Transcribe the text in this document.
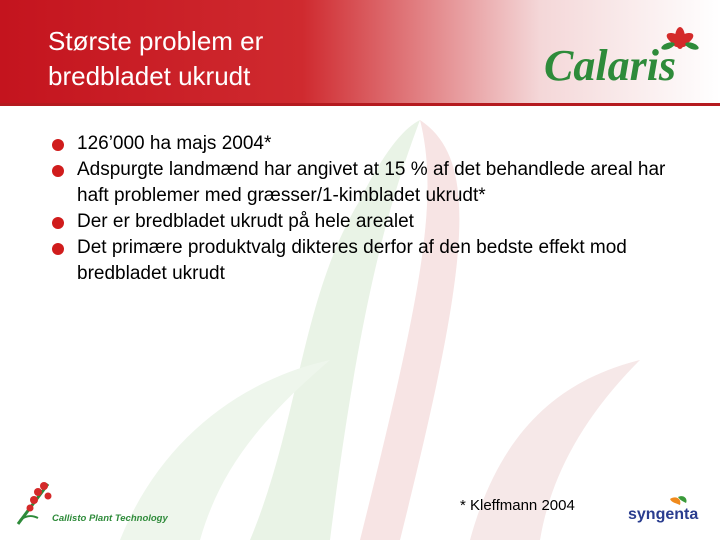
Største problem er
bredbladet ukrudt	Calaris
126’000 ha majs 2004*
Adspurgte landmænd har angivet at 15 % af det behandlede areal har haft problemer med græsser/1-kimbladet ukrudt*
Der er bredbladet ukrudt på hele arealet
Det primære produktvalg dikteres derfor af den bedste effekt mod bredbladet ukrudt
Callisto Plant Technology
* Kleffmann 2004
syngenta
